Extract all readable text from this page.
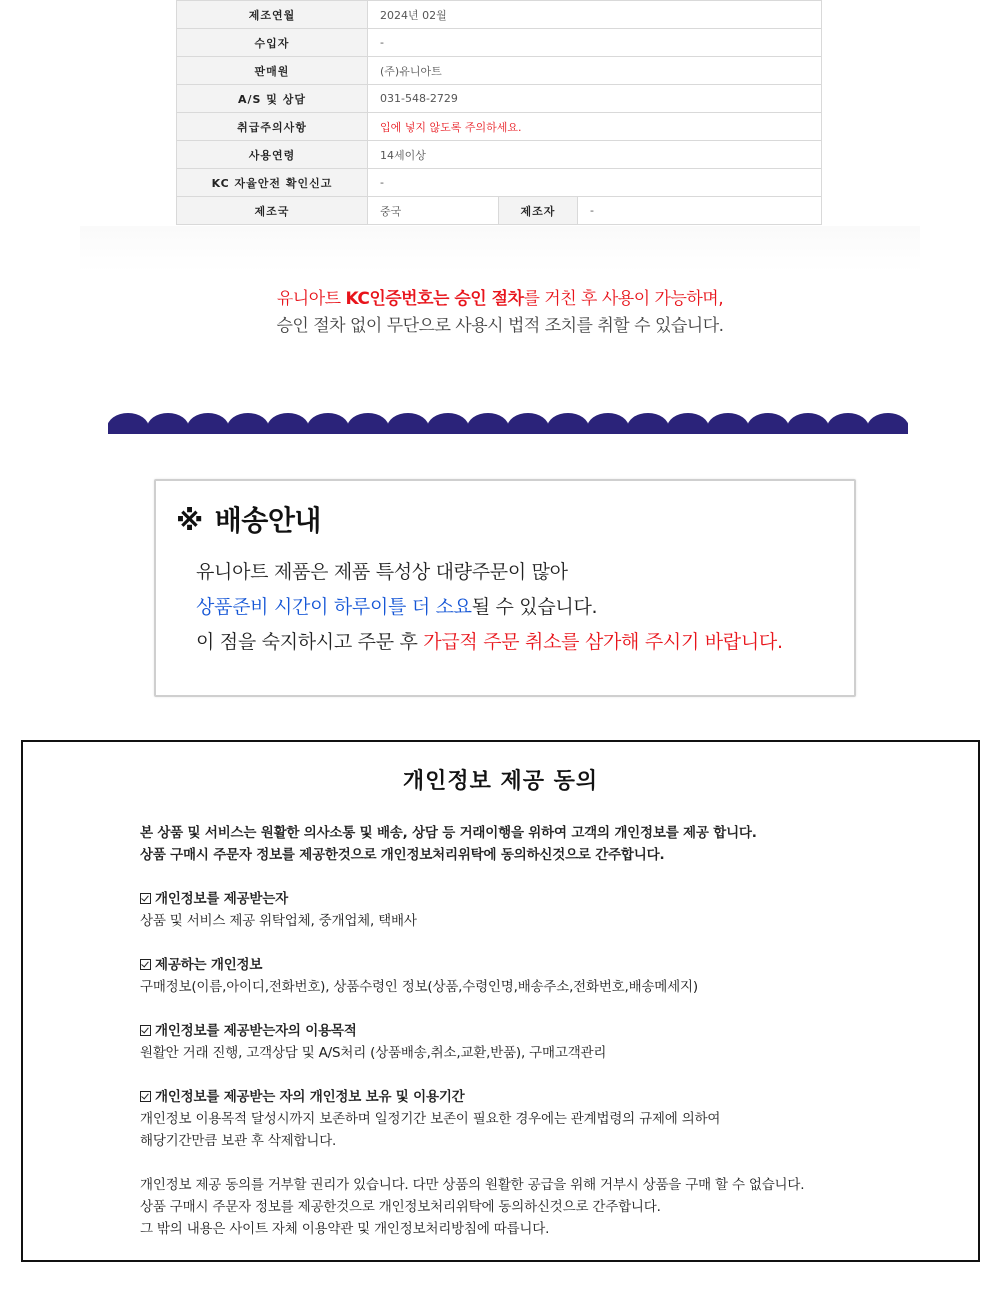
제조연월	2024년 02월		
수입자	-		
판매원	(주)유니아트		
A/S 및 상담	031-548-2729		
취급주의사항	입에 넣지 않도록 주의하세요.		
사용연령	14세이상		
KC 자율안전 확인신고	-		
제조국	중국	제조자	-
유니아트 KC인증번호는 승인 절차를 거친 후 사용이 가능하며,
승인 절차 없이 무단으로 사용시 법적 조치를 취할 수 있습니다.
※ 배송안내
유니아트 제품은 제품 특성상 대량주문이 많아
상품준비 시간이 하루이틀 더 소요될 수 있습니다.
이 점을 숙지하시고 주문 후 가급적 주문 취소를 삼가해 주시기 바랍니다.
개인정보 제공 동의
본 상품 및 서비스는 원활한 의사소통 및 배송, 상담 등 거래이행을 위하여 고객의 개인정보를 제공 합니다.
상품 구매시 주문자 정보를 제공한것으로 개인정보처리위탁에 동의하신것으로 간주합니다.
개인정보를 제공받는자
상품 및 서비스 제공 위탁업체, 중개업체, 택배사
제공하는 개인정보
구매정보(이름,아이디,전화번호), 상품수령인 정보(상품,수령인명,배송주소,전화번호,배송메세지)
개인정보를 제공받는자의 이용목적
원활안 거래 진행, 고객상담 및 A/S처리 (상품배송,취소,교환,반품), 구매고객관리
개인정보를 제공받는 자의 개인정보 보유 및 이용기간
개인정보 이용목적 달성시까지 보존하며 일정기간 보존이 필요한 경우에는 관계법령의 규제에 의하여
해당기간만큼 보관 후 삭제합니다.
개인정보 제공 동의를 거부할 권리가 있습니다. 다만 상품의 원활한 공급을 위해 거부시 상품을 구매 할 수 없습니다.
상품 구매시 주문자 정보를 제공한것으로 개인정보처리위탁에 동의하신것으로 간주합니다.
그 밖의 내용은 사이트 자체 이용약관 및 개인정보처리방침에 따릅니다.
